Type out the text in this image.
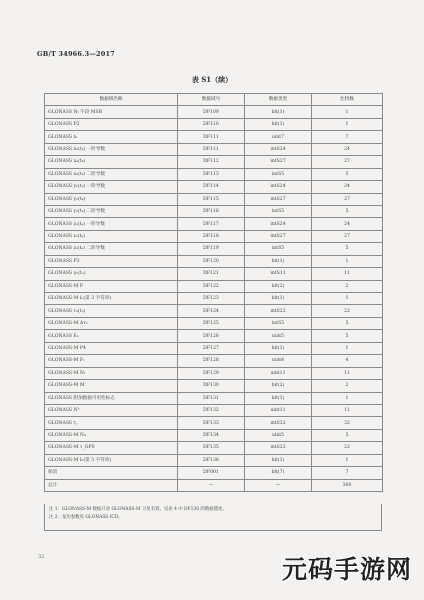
GB/T 34966.3—2017
表 S1（续）
数据域名称	数据域号	数据类型	比特数
GLONASS Nₜ 字段 MSB	DF109	bit(1)	1
GLONASS P2	DF110	bit(1)	1
GLONASS tₖ	DF111	uint7	7
GLONASS xₙ(tₖ) 一阶导数	DF111	intS24	24
GLONASS xₙ(tₖ)	DF112	intS27	27
GLONASS xₙ(tₖ) 二阶导数	DF113	intS5	5
GLONASS yₙ(tₖ) 一阶导数	DF114	intS24	24
GLONASS yₙ(tₖ)	DF115	intS27	27
GLONASS yₙ(tₖ) 二阶导数	DF116	intS5	5
GLONASS zₙ(tₖ) 一阶导数	DF117	intS24	24
GLONASS zₙ(tₖ)	DF118	intS27	27
GLONASS zₙ(tₖ) 二阶导数	DF119	intS5	5
GLONASS P3	DF120	bit(1)	1
GLONASS γₙ(tₙ)	DF121	intS11	11
GLONASS-M P	DF122	bit(2)	2
GLONASS-M lₙ(第 3 字符串)	DF123	bit(1)	1
GLONASS τₙ(tₙ)	DF124	intS22	22
GLONASS-M Δτₙ	DF125	intS5	5
GLONASS Eₙ	DF126	uint5	5
GLONASS-M P4	DF127	bit(1)	1
GLONASS-M Fₜ	DF128	uint4	4
GLONASS-M Nₜ	DF129	uint11	11
GLONASS-M M	DF130	bit(2)	2
GLONASS 附加数据可用性标志	DF131	bit(1)	1
GLONASS Nᴬ	DF132	uint11	11
GLONASS τ꜀	DF133	intS32	32
GLONASS-M N₄	DF134	uint5	5
GLONASS-M τ_GPS	DF135	intS22	22
GLONASS-M lₙ(第 5 字符串)	DF136	bit(1)	1
保留	DF001	bit(7)	7
总计	—	—	360
注 1：GLONASS-M 数据只对 GLONASS-M 卫星有效，见表 4 中 DF130 的数据描述。
注 2：星历参数见 GLONASS ICD。
32	元码手游网
